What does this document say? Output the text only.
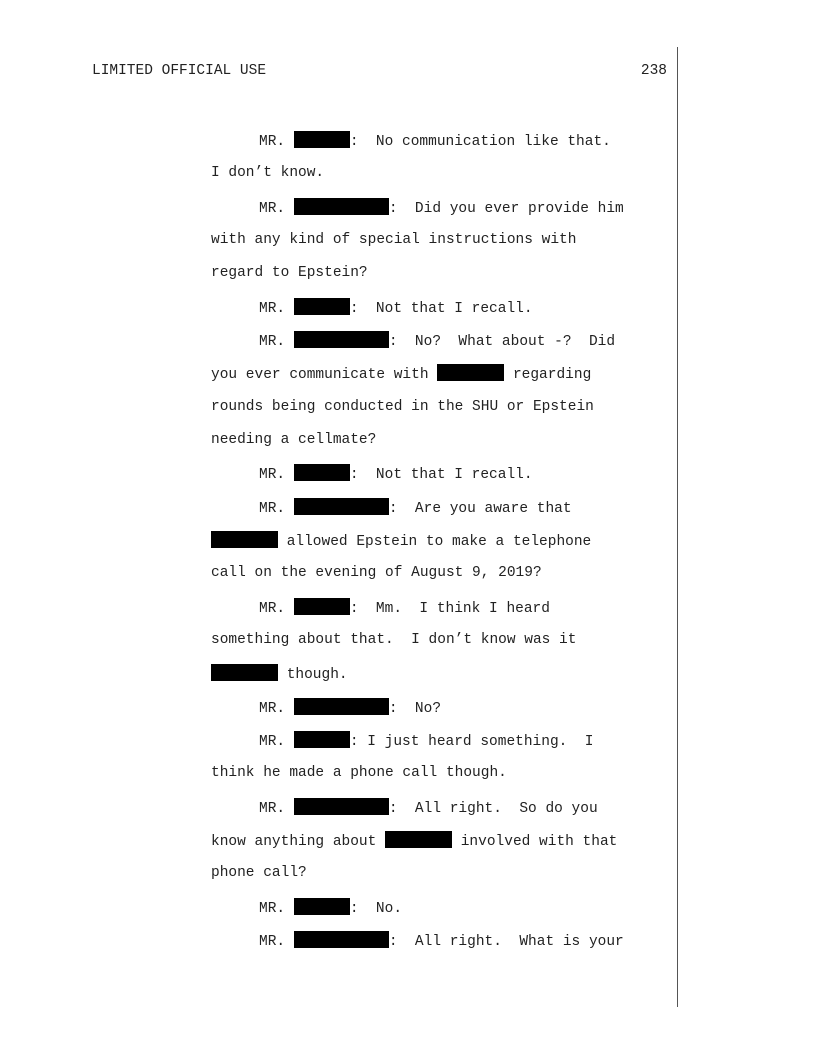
LIMITED OFFICIAL USE	238

MR.	:  No communication like that.

I don’t know.

MR.	:  Did you ever provide him

with any kind of special instructions with

regard to Epstein?

MR.	:  Not that I recall.

MR.	:  No?  What about -?  Did

you ever communicate with	regarding

rounds being conducted in the SHU or Epstein

needing a cellmate?

MR.	:  Not that I recall.

MR.	:  Are you aware that

allowed Epstein to make a telephone

call on the evening of August 9, 2019?

MR.	:  Mm.  I think I heard

something about that.  I don’t know was it

though.

MR.	:  No?

MR.	: I just heard something.  I

think he made a phone call though.

MR.	:  All right.  So do you

know anything about	involved with that

phone call?

MR.	:  No.

MR.	:  All right.  What is your
